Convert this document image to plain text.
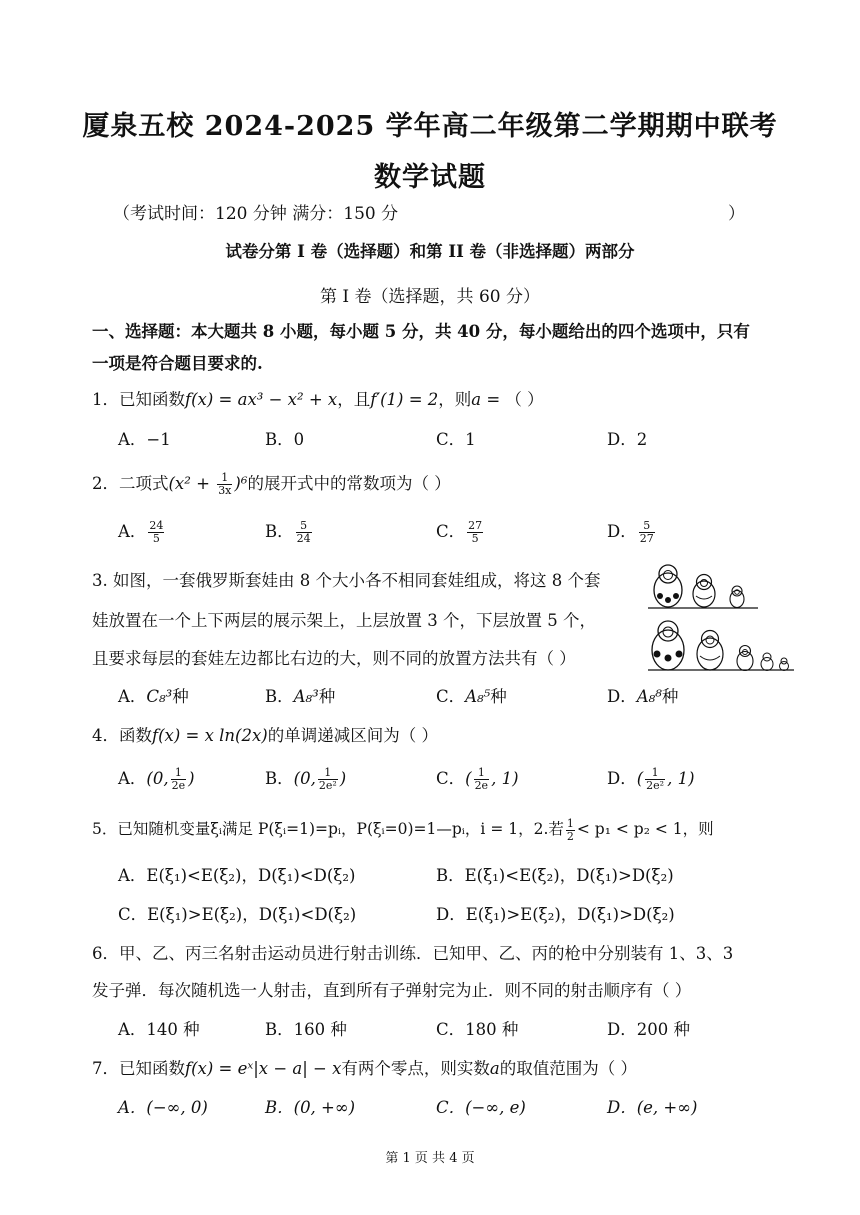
厦泉五校 2024-2025 学年高二年级第二学期期中联考
数学试题
（考试时间：120 分钟 满分：150 分	）
试卷分第 I 卷（选择题）和第 II 卷（非选择题）两部分
第 I 卷（选择题，共 60 分）
一、选择题：本大题共 8 小题，每小题 5 分，共 40 分，每小题给出的四个选项中，只有
一项是符合题目要求的.
1．已知函数f(x) = ax³ − x² + x，且f′(1) = 2，则a = （ ）
A．−1	B．0	C．1	D．2
2．二项式$(x^2 + \frac{1}{3x} )^6$的展开式中的常数项为（ ）
A． $\frac{24}{5}$	B． $\frac{5}{24}$	C． $\frac{27}{5}$	D． $\frac{5}{27}$
3. 如图，一套俄罗斯套娃由 8 个大小各不相同套娃组成，将这 8 个套
娃放置在一个上下两层的展示架上，上层放置 3 个，下层放置 5 个，
且要求每层的套娃左边都比右边的大，则不同的放置方法共有（ ）
A．C₈³种	B．A₈³种	C．A₈⁵种	D．A₈⁸种
4．函数f(x) = x ln(2x)的单调递减区间为（ ）
A．(0, $\frac{1}{2e}$ )	B．(0, $\frac{1}{\text{2e²}}$ )	C．( $\frac{1}{2e}$ , 1)	D．( $\frac{1}{\text{2e²}}$ , 1)
5．已知随机变量ξᵢ满足 P(ξᵢ=1)=pᵢ，P(ξᵢ=0)=1—pᵢ，i = 1，2.若 $\frac{1}{2} < p_1 < p_2 < 1$，则
A．E(ξ₁)<E(ξ₂)，D(ξ₁)<D(ξ₂)	B．E(ξ₁)<E(ξ₂)，D(ξ₁)>D(ξ₂)
C．E(ξ₁)>E(ξ₂)，D(ξ₁)<D(ξ₂)	D．E(ξ₁)>E(ξ₂)，D(ξ₁)>D(ξ₂)
6．甲、乙、丙三名射击运动员进行射击训练．已知甲、乙、丙的枪中分别装有 1、3、3
发子弹．每次随机选一人射击，直到所有子弹射完为止．则不同的射击顺序有（ ）
A．140 种	B．160 种	C．180 种	D．200 种
7．已知函数f(x) = eˣ|x − a| − x有两个零点，则实数a的取值范围为（ ）
A．(−∞, 0)	B．(0, +∞)	C．(−∞, e)	D．(e, +∞)
第 1 页 共 4 页
